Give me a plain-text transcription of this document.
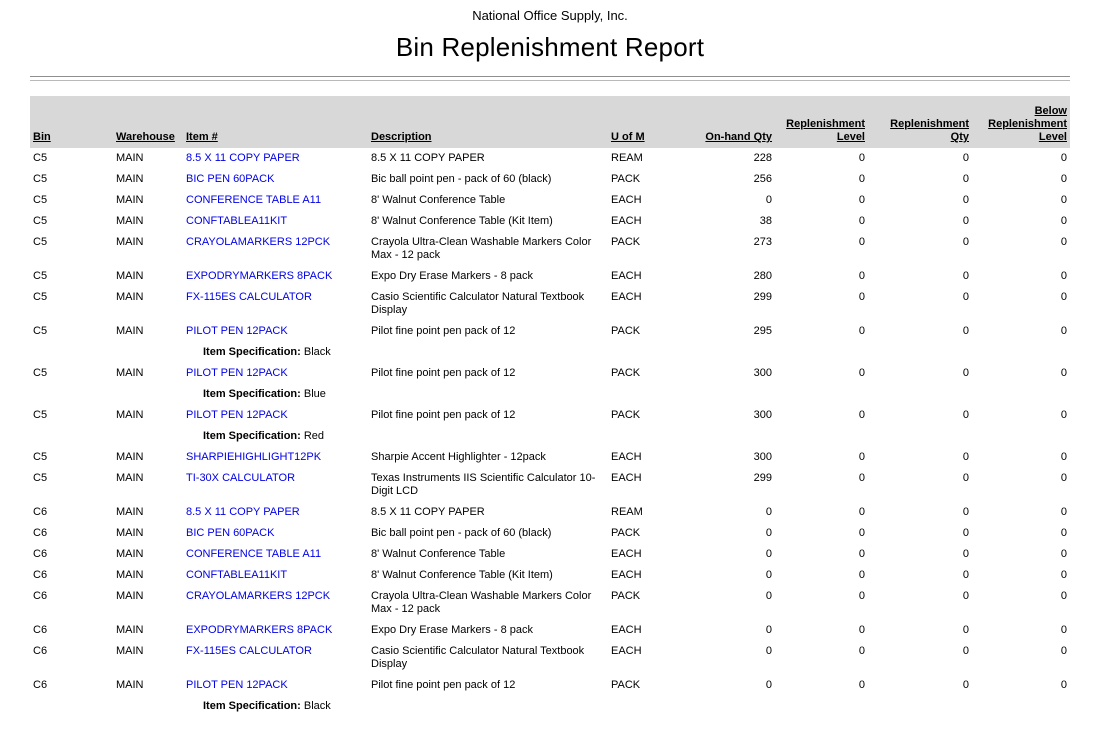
National Office Supply, Inc.
Bin Replenishment Report
Bin	Warehouse	Item #	Description	U of M	On-hand Qty	Replenishment Level	Replenishment Qty	Below Replenishment Level
C5	MAIN	8.5 X 11 COPY PAPER	8.5 X 11 COPY PAPER	REAM	228	0	0	0
C5	MAIN	BIC PEN 60PACK	Bic ball point pen - pack of 60 (black)	PACK	256	0	0	0
C5	MAIN	CONFERENCE TABLE A11	8' Walnut Conference Table	EACH	0	0	0	0
C5	MAIN	CONFTABLEA11KIT	8' Walnut Conference Table (Kit Item)	EACH	38	0	0	0
C5	MAIN	CRAYOLAMARKERS 12PCK	Crayola Ultra-Clean Washable Markers Color Max - 12 pack	PACK	273	0	0	0
C5	MAIN	EXPODRYMARKERS 8PACK	Expo Dry Erase Markers - 8 pack	EACH	280	0	0	0
C5	MAIN	FX-115ES CALCULATOR	Casio Scientific Calculator Natural Textbook Display	EACH	299	0	0	0
C5	MAIN	PILOT PEN 12PACK	Pilot fine point pen pack of 12	PACK	295	0	0	0
		Item Specification: Black						
C5	MAIN	PILOT PEN 12PACK	Pilot fine point pen pack of 12	PACK	300	0	0	0
		Item Specification: Blue						
C5	MAIN	PILOT PEN 12PACK	Pilot fine point pen pack of 12	PACK	300	0	0	0
		Item Specification: Red						
C5	MAIN	SHARPIEHIGHLIGHT12PK	Sharpie Accent Highlighter - 12pack	EACH	300	0	0	0
C5	MAIN	TI-30X CALCULATOR	Texas Instruments IIS Scientific Calculator 10-Digit LCD	EACH	299	0	0	0
C6	MAIN	8.5 X 11 COPY PAPER	8.5 X 11 COPY PAPER	REAM	0	0	0	0
C6	MAIN	BIC PEN 60PACK	Bic ball point pen - pack of 60 (black)	PACK	0	0	0	0
C6	MAIN	CONFERENCE TABLE A11	8' Walnut Conference Table	EACH	0	0	0	0
C6	MAIN	CONFTABLEA11KIT	8' Walnut Conference Table (Kit Item)	EACH	0	0	0	0
C6	MAIN	CRAYOLAMARKERS 12PCK	Crayola Ultra-Clean Washable Markers Color Max - 12 pack	PACK	0	0	0	0
C6	MAIN	EXPODRYMARKERS 8PACK	Expo Dry Erase Markers - 8 pack	EACH	0	0	0	0
C6	MAIN	FX-115ES CALCULATOR	Casio Scientific Calculator Natural Textbook Display	EACH	0	0	0	0
C6	MAIN	PILOT PEN 12PACK	Pilot fine point pen pack of 12	PACK	0	0	0	0
		Item Specification: Black						
